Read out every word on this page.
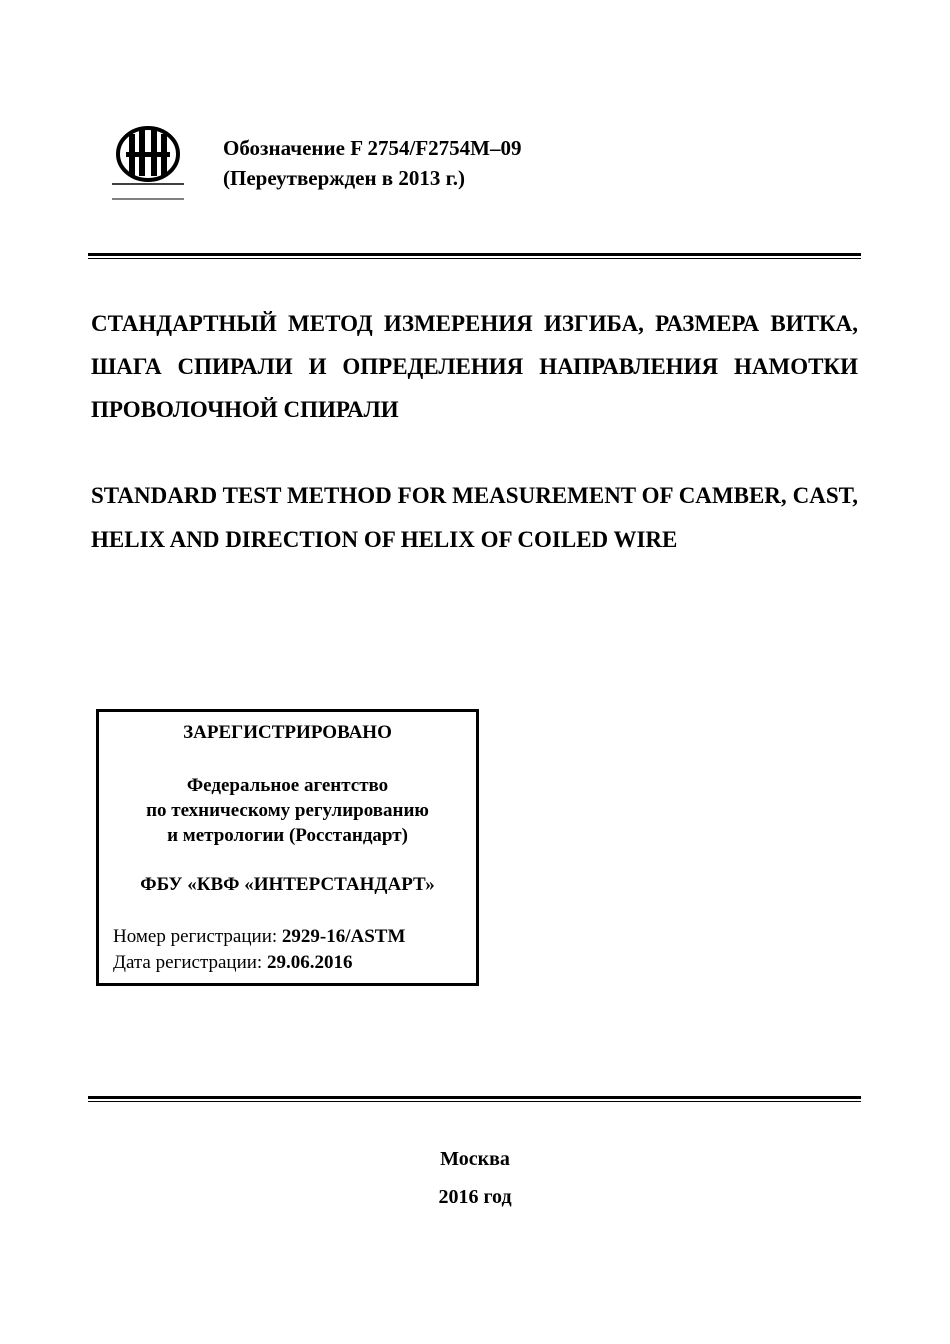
Обозначение F 2754/F2754M–09
(Переутвержден в 2013 г.)
СТАНДАРТНЫЙ МЕТОД ИЗМЕРЕНИЯ ИЗГИБА, РАЗМЕРА ВИТКА, ШАГА СПИРАЛИ И ОПРЕДЕЛЕНИЯ НАПРАВЛЕНИЯ НАМОТКИ ПРОВОЛОЧНОЙ СПИРАЛИ
STANDARD TEST METHOD FOR MEASUREMENT OF CAMBER, CAST, HELIX AND DIRECTION OF HELIX OF COILED WIRE
ЗАРЕГИСТРИРОВАНО
Федеральное агентство
по техническому регулированию
и метрологии (Росстандарт)
ФБУ «КВФ «ИНТЕРСТАНДАРТ»
Номер регистрации: 2929-16/ASTM
Дата регистрации: 29.06.2016
Москва
2016 год
